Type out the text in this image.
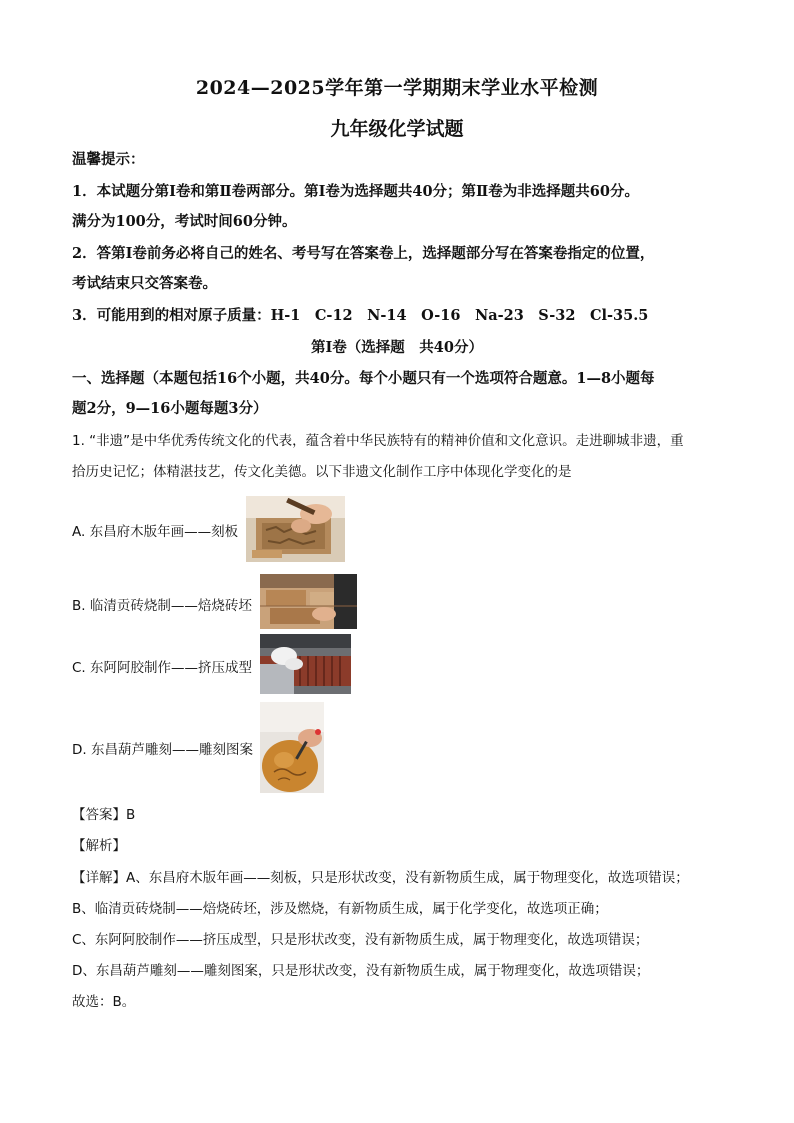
2024—2025学年第一学期期末学业水平检测
九年级化学试题
温馨提示：
1．本试题分第Ⅰ卷和第Ⅱ卷两部分。第Ⅰ卷为选择题共40分；第Ⅱ卷为非选择题共60分。
满分为100分，考试时间60分钟。
2．答第Ⅰ卷前务必将自己的姓名、考号写在答案卷上，选择题部分写在答案卷指定的位置，
考试结束只交答案卷。
3．可能用到的相对原子质量：H-1　C-12　N-14　O-16　Na-23　S-32　Cl-35.5
第Ⅰ卷（选择题　共40分）
一、选择题（本题包括16个小题，共40分。每个小题只有一个选项符合题意。1—8小题每
题2分，9—16小题每题3分）
1. “非遗”是中华优秀传统文化的代表，蕴含着中华民族特有的精神价值和文化意识。走进聊城非遗，重
拾历史记忆；体精湛技艺，传文化美德。以下非遗文化制作工序中体现化学变化的是
A. 东昌府木版年画——刻板
B. 临清贡砖烧制——焙烧砖坯
C. 东阿阿胶制作——挤压成型
D. 东昌葫芦雕刻——雕刻图案
【答案】B
【解析】
【详解】A、东昌府木版年画——刻板，只是形状改变，没有新物质生成，属于物理变化，故选项错误；
B、临清贡砖烧制——焙烧砖坯，涉及燃烧，有新物质生成，属于化学变化，故选项正确；
C、东阿阿胶制作——挤压成型，只是形状改变，没有新物质生成，属于物理变化，故选项错误；
D、东昌葫芦雕刻——雕刻图案，只是形状改变，没有新物质生成，属于物理变化，故选项错误；
故选：B。
